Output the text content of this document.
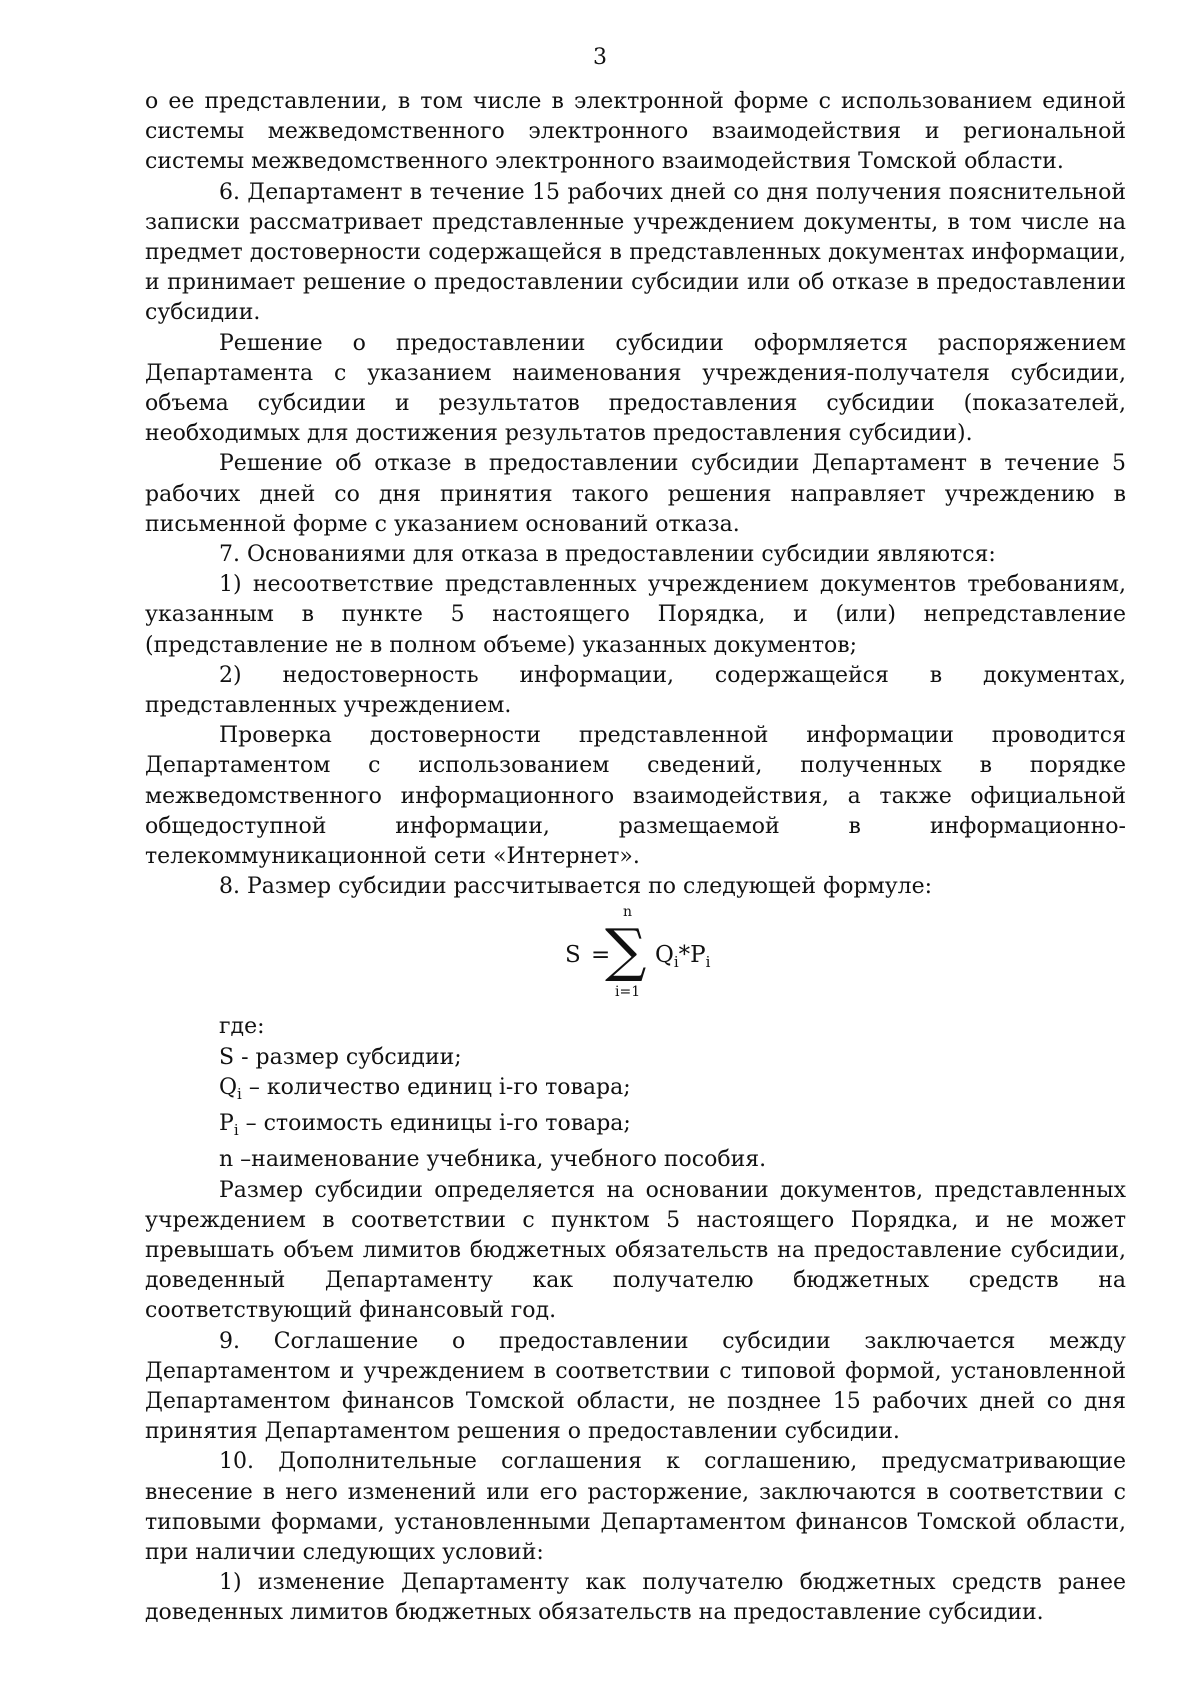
3

о ее представлении, в том числе в электронной форме с использованием единой системы межведомственного электронного взаимодействия и региональной системы межведомственного электронного взаимодействия Томской области.

6. Департамент в течение 15 рабочих дней со дня получения пояснительной записки рассматривает представленные учреждением документы, в том числе на предмет достоверности содержащейся в представленных документах информации, и принимает решение о предоставлении субсидии или об отказе в предоставлении субсидии.

Решение о предоставлении субсидии оформляется распоряжением Департамента с указанием наименования учреждения-получателя субсидии, объема субсидии и результатов предоставления субсидии (показателей, необходимых для достижения результатов предоставления субсидии).

Решение об отказе в предоставлении субсидии Департамент в течение 5 рабочих дней со дня принятия такого решения направляет учреждению в письменной форме с указанием оснований отказа.

7. Основаниями для отказа в предоставлении субсидии являются:

1) несоответствие представленных учреждением документов требованиям, указанным в пункте 5 настоящего Порядка, и (или) непредставление (представление не в полном объеме) указанных документов;

2) недостоверность информации, содержащейся в документах, представленных учреждением.

Проверка достоверности представленной информации проводится Департаментом с использованием сведений, полученных в порядке межведомственного информационного взаимодействия, а также официальной общедоступной информации, размещаемой в информационно-телекоммуникационной сети «Интернет».

8. Размер субсидии рассчитывается по следующей формуле:

S =
∑
n
i=1
$Q_i*P_i$

где:

S - размер субсидии;

$Q_i$ – количество единиц i-го товара;

$P_i$ – стоимость единицы i-го товара;

n –наименование учебника, учебного пособия.

Размер субсидии определяется на основании документов, представленных учреждением в соответствии с пунктом 5 настоящего Порядка, и не может превышать объем лимитов бюджетных обязательств на предоставление субсидии, доведенный Департаменту как получателю бюджетных средств на соответствующий финансовый год.

9. Соглашение о предоставлении субсидии заключается между Департаментом и учреждением в соответствии с типовой формой, установленной Департаментом финансов Томской области, не позднее 15 рабочих дней со дня принятия Департаментом решения о предоставлении субсидии.

10. Дополнительные соглашения к соглашению, предусматривающие внесение в него изменений или его расторжение, заключаются в соответствии с типовыми формами, установленными Департаментом финансов Томской области, при наличии следующих условий:

1) изменение Департаменту как получателю бюджетных средств ранее доведенных лимитов бюджетных обязательств на предоставление субсидии.
